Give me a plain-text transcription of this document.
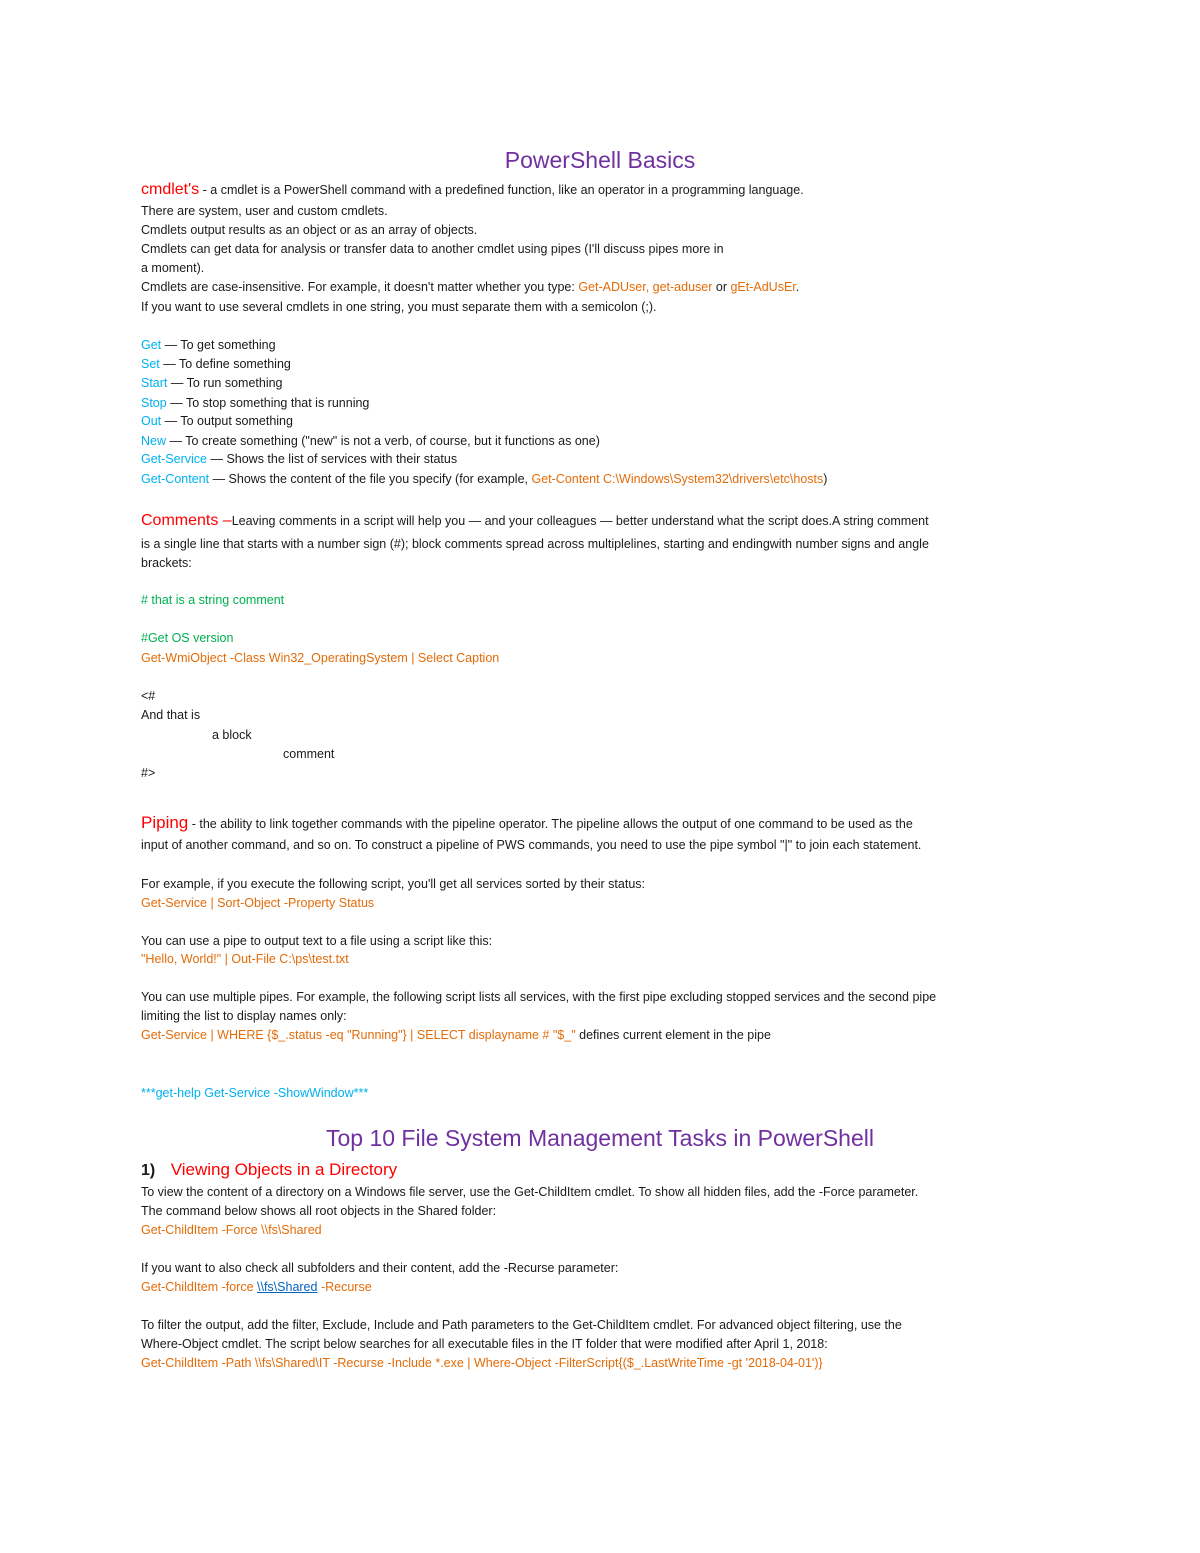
PowerShell Basics
cmdlet's - a cmdlet is a PowerShell command with a predefined function, like an operator in a programming language.
There are system, user and custom cmdlets.
Cmdlets output results as an object or as an array of objects.
Cmdlets can get data for analysis or transfer data to another cmdlet using pipes (I'll discuss pipes more in
a moment).
Cmdlets are case-insensitive. For example, it doesn't matter whether you type: Get-ADUser, get-aduser or gEt-AdUsEr.
If you want to use several cmdlets in one string, you must separate them with a semicolon (;).
Get — To get something
Set — To define something
Start — To run something
Stop — To stop something that is running
Out — To output something
New — To create something ("new" is not a verb, of course, but it functions as one)
Get-Service — Shows the list of services with their status
Get-Content — Shows the content of the file you specify (for example, Get-Content C:\Windows\System32\drivers\etc\hosts)
Comments –Leaving comments in a script will help you — and your colleagues — better understand what the script does.A string comment
is a single line that starts with a number sign (#); block comments spread across multiplelines, starting and endingwith number signs and angle
brackets:
# that is a string comment
#Get OS version
Get-WmiObject -Class Win32_OperatingSystem | Select Caption
<#
And that is
a block
comment
#>
Piping - the ability to link together commands with the pipeline operator. The pipeline allows the output of one command to be used as the
input of another command, and so on. To construct a pipeline of PWS commands, you need to use the pipe symbol "|" to join each statement.
For example, if you execute the following script, you'll get all services sorted by their status:
Get-Service | Sort-Object -Property Status
You can use a pipe to output text to a file using a script like this:
"Hello, World!" | Out-File C:\ps\test.txt
You can use multiple pipes. For example, the following script lists all services, with the first pipe excluding stopped services and the second pipe
limiting the list to display names only:
Get-Service | WHERE {$_.status -eq "Running"} | SELECT displayname # "$_" defines current element in the pipe
***get-help Get-Service -ShowWindow***
Top 10 File System Management Tasks in PowerShell
1) Viewing Objects in a Directory
To view the content of a directory on a Windows file server, use the Get-ChildItem cmdlet. To show all hidden files, add the -Force parameter.
The command below shows all root objects in the Shared folder:
Get-ChildItem -Force \\fs\Shared
If you want to also check all subfolders and their content, add the -Recurse parameter:
Get-ChildItem -force \\fs\Shared -Recurse
To filter the output, add the filter, Exclude, Include and Path parameters to the Get-ChildItem cmdlet. For advanced object filtering, use the
Where-Object cmdlet. The script below searches for all executable files in the IT folder that were modified after April 1, 2018:
Get-ChildItem -Path \\fs\Shared\IT -Recurse -Include *.exe | Where-Object -FilterScript{($_.LastWriteTime -gt '2018-04-01')}
